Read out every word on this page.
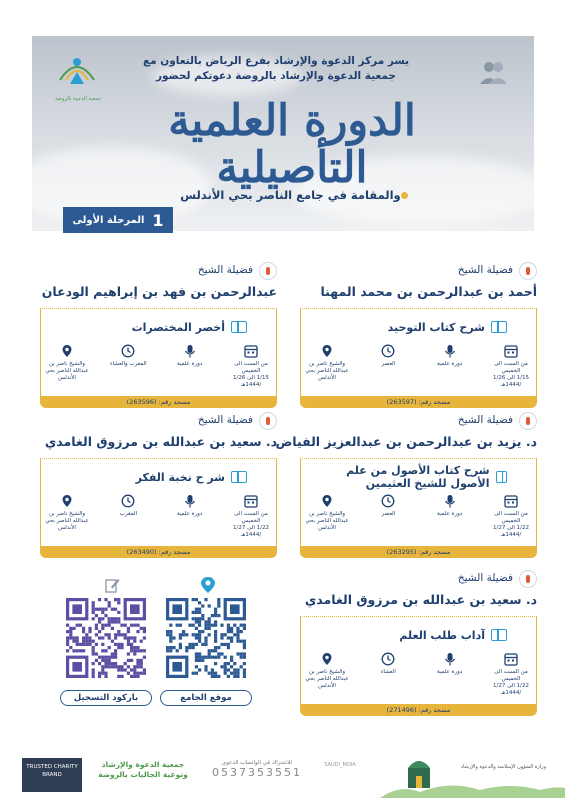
جمعية الدعوة بالروضة
يسر مركز الدعوة والإرشاد بفرع الرياض بالتعاون مع
جمعية الدعوة والإرشاد بالروضة دعوتكم لحضور
الدورة العلمية التأصيلية
والمقامة في جامع الناصر بحي الأندلس
1
المرحلة الأولى
فضيلة الشيخ
أحمد بن عبدالرحمن بن محمد المهنا
شرح كتاب التوحيد
من السبت الى الخميس
1/15 الى 1/26 /1444هـ
دورة علمية
العصر
والشيخ ناصر بن عبدالله الناصر بحي الأندلس
مسجد رقم: (263597)
فضيلة الشيخ
عبدالرحمن بن فهد بن إبراهيم الودعان
أخصر المختصرات
من السبت الى الخميس
1/15 الى 1/26 /1444هـ
دورة علمية
المغرب والعشاء
والشيخ ناصر بن عبدالله الناصر بحي الأندلس
مسجد رقم: (263596)
فضيلة الشيخ
د. يزيد بن عبدالرحمن بن عبدالعزيز الفياض
شرح كتاب الأصول من علم الأصول للشيخ العثيمين
من السبت الى الخميس
1/22 الى 1/27 /1444هـ
دورة علمية
العصر
والشيخ ناصر بن عبدالله الناصر بحي الأندلس
مسجد رقم: (263295)
فضيلة الشيخ
د. سعيد بن عبدالله بن مرزوق الغامدي
شر ح نخبة الفكر
من السبت الى الخميس
1/22 الى 1/27 /1444هـ
دورة علمية
المغرب
والشيخ ناصر بن عبدالله الناصر بحي الأندلس
مسجد رقم: (263490)
فضيلة الشيخ
د. سعيد بن عبدالله بن مرزوق الغامدي
آداب طلب العلم
من السبت الى الخميس
1/22 الى 1/27 /1444هـ
دورة علمية
العشاء
والشيخ ناصر بن عبدالله الناصر بحي الأندلس
مسجد رقم: (271496)
موقع الجامع
باركود التسجيل
TRUSTED CHARITY BRAND
جمعية الدعوة والإرشاد وتوعية الجاليات بالروضة
للاشتراك في الواتساب الدعوي
0537353551
SAUDI_MOIA	وزارة الشؤون الإسلامية والدعوة والإرشاد
